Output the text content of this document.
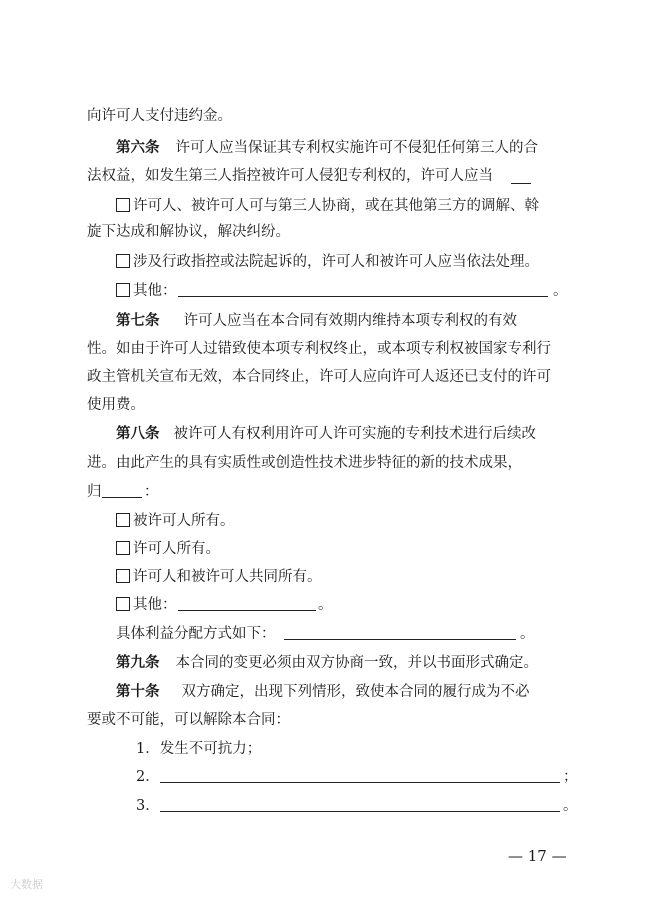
向许可人支付违约金。
第六条 许可人应当保证其专利权实施许可不侵犯任何第三人的合
法权益，如发生第三人指控被许可人侵犯专利权的，许可人应当
许可人、被许可人可与第三人协商，或在其他第三方的调解、斡
旋下达成和解协议，解决纠纷。
涉及行政指控或法院起诉的，许可人和被许可人应当依法处理。
其他：	。
第七条 许可人应当在本合同有效期内维持本项专利权的有效
性。如由于许可人过错致使本项专利权终止，或本项专利权被国家专利行
政主管机关宣布无效，本合同终止，许可人应向许可人返还已支付的许可
使用费。
第八条 被许可人有权利用许可人许可实施的专利技术进行后续改
进。由此产生的具有实质性或创造性技术进步特征的新的技术成果，
归	：
被许可人所有。
许可人所有。
许可人和被许可人共同所有。
其他：	。
具体利益分配方式如下：	。
第九条 本合同的变更必须由双方协商一致，并以书面形式确定。
第十条 双方确定，出现下列情形，致使本合同的履行成为不必
要或不可能，可以解除本合同：
1．发生不可抗力；
2．	；
3．	。
— 17 —
大数据
